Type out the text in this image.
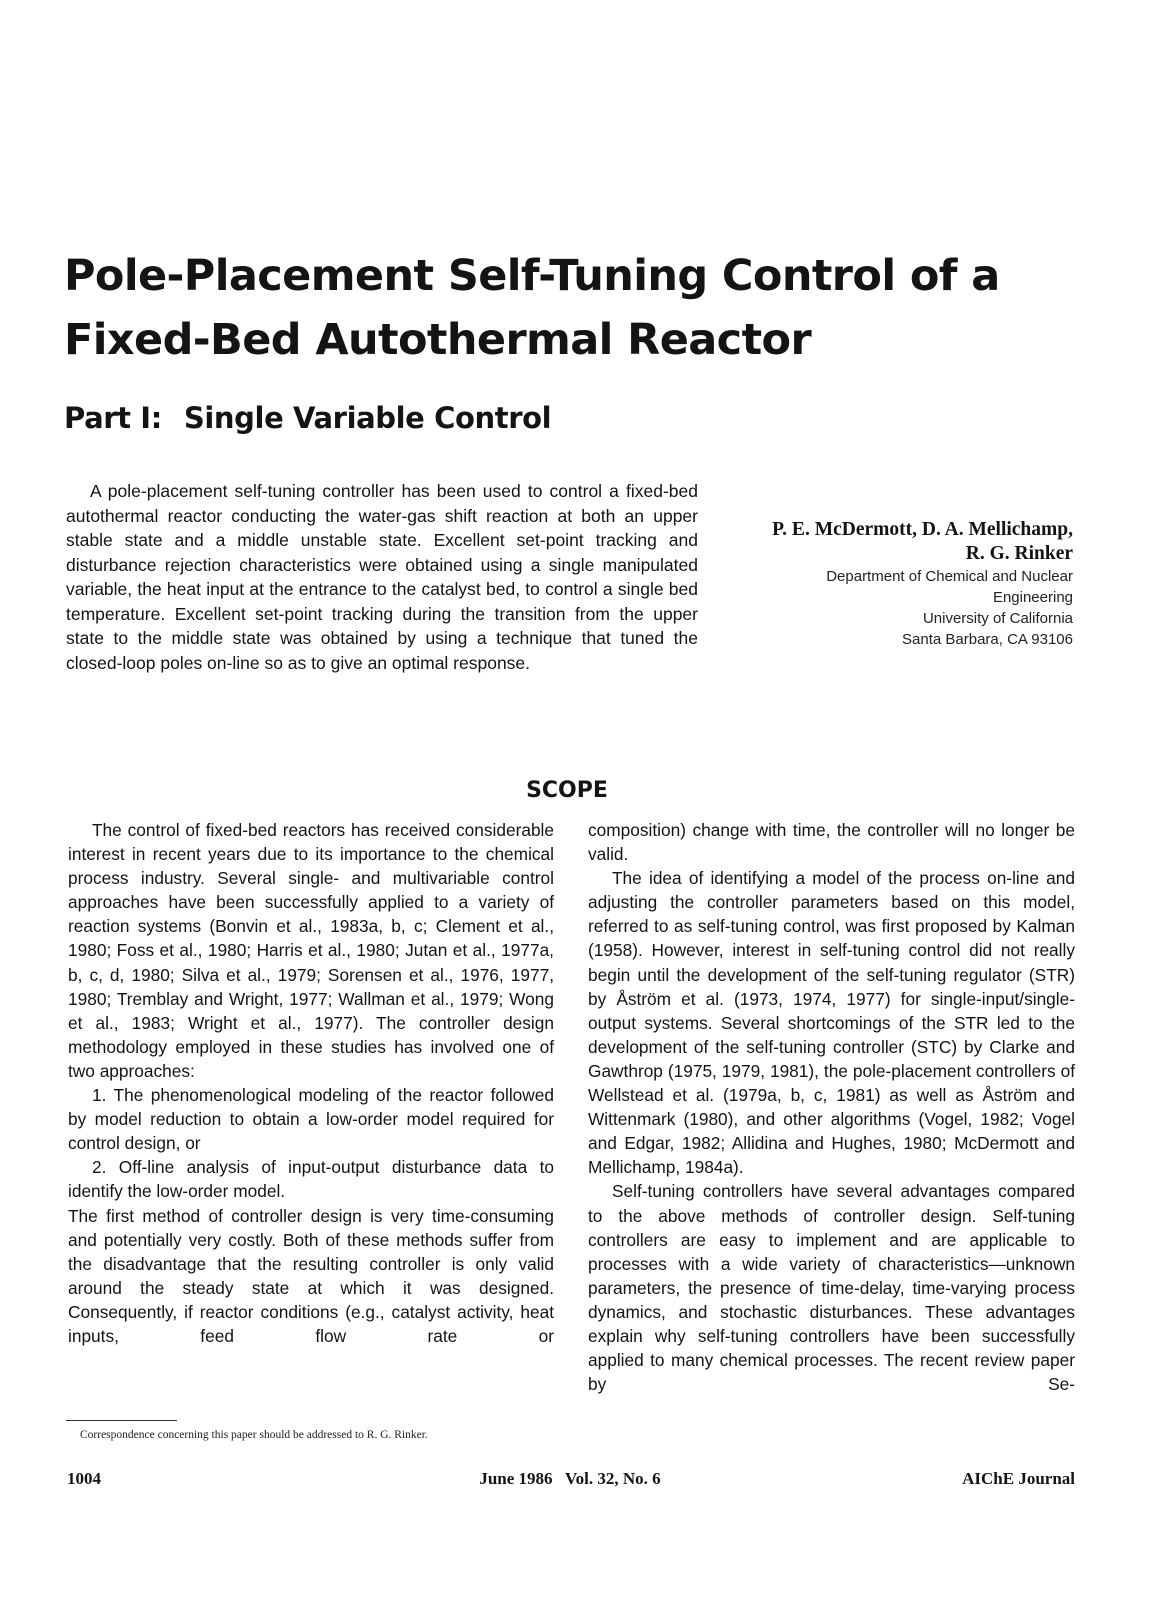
Pole-Placement Self-Tuning Control of a Fixed-Bed Autothermal Reactor
Part I: Single Variable Control

A pole-placement self-tuning controller has been used to control a fixed-bed autothermal reactor conducting the water-gas shift reaction at both an upper stable state and a middle unstable state. Excellent set-point tracking and disturbance rejection characteristics were obtained using a single manipulated variable, the heat input at the entrance to the catalyst bed, to control a single bed temperature. Excellent set-point tracking during the transition from the upper state to the middle state was obtained by using a technique that tuned the closed-loop poles on-line so as to give an optimal response.

P. E. McDermott, D. A. Mellichamp,

R. G. Rinker

Department of Chemical and Nuclear

Engineering

University of California

Santa Barbara, CA 93106

SCOPE

The control of fixed-bed reactors has received considerable interest in recent years due to its importance to the chemical process industry. Several single- and multivariable control approaches have been successfully applied to a variety of reaction systems (Bonvin et al., 1983a, b, c; Clement et al., 1980; Foss et al., 1980; Harris et al., 1980; Jutan et al., 1977a, b, c, d, 1980; Silva et al., 1979; Sorensen et al., 1976, 1977, 1980; Tremblay and Wright, 1977; Wallman et al., 1979; Wong et al., 1983; Wright et al., 1977). The controller design methodology employed in these studies has involved one of two approaches:

1. The phenomenological modeling of the reactor followed by model reduction to obtain a low-order model required for control design, or

2. Off-line analysis of input-output disturbance data to identify the low-order model.

The first method of controller design is very time-consuming and potentially very costly. Both of these methods suffer from the disadvantage that the resulting controller is only valid around the steady state at which it was designed. Consequently, if reactor conditions (e.g., catalyst activity, heat inputs, feed flow rate or

composition) change with time, the controller will no longer be valid.

The idea of identifying a model of the process on-line and adjusting the controller parameters based on this model, referred to as self-tuning control, was first proposed by Kalman (1958). However, interest in self-tuning control did not really begin until the development of the self-tuning regulator (STR) by Åström et al. (1973, 1974, 1977) for single-input/single-output systems. Several shortcomings of the STR led to the development of the self-tuning controller (STC) by Clarke and Gawthrop (1975, 1979, 1981), the pole-placement controllers of Wellstead et al. (1979a, b, c, 1981) as well as Åström and Wittenmark (1980), and other algorithms (Vogel, 1982; Vogel and Edgar, 1982; Allidina and Hughes, 1980; McDermott and Mellichamp, 1984a).

Self-tuning controllers have several advantages compared to the above methods of controller design. Self-tuning controllers are easy to implement and are applicable to processes with a wide variety of characteristics—unknown parameters, the presence of time-delay, time-varying process dynamics, and stochastic disturbances. These advantages explain why self-tuning controllers have been successfully applied to many chemical processes. The recent review paper by Se-

Correspondence concerning this paper should be addressed to R. G. Rinker.

1004	June 1986   Vol. 32, No. 6	AIChE Journal
